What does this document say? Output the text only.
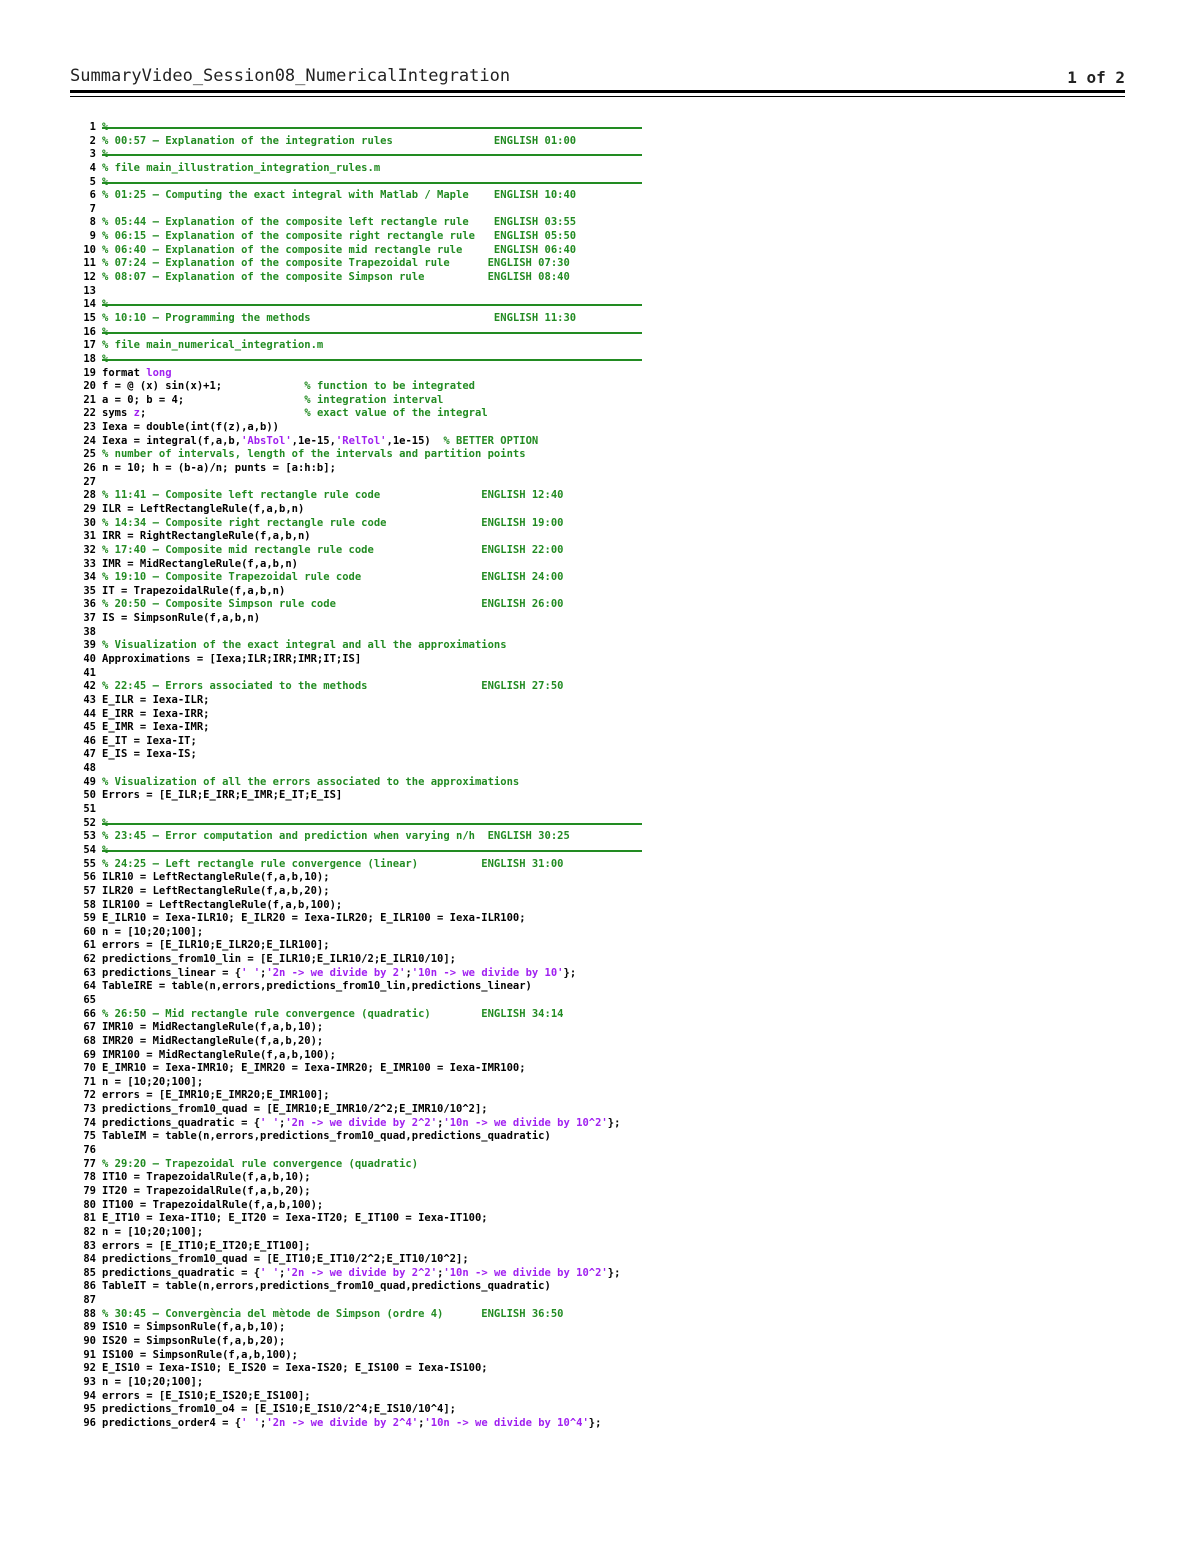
SummaryVideo_Session08_NumericalIntegration	1 of 2
1 %
2 % 00:57 — Explanation of the integration rules                ENGLISH 01:00
3 %
4 % file main_illustration_integration_rules.m
5 %
6 % 01:25 — Computing the exact integral with Matlab / Maple    ENGLISH 10:40
7
8 % 05:44 — Explanation of the composite left rectangle rule    ENGLISH 03:55
9 % 06:15 — Explanation of the composite right rectangle rule   ENGLISH 05:50
10 % 06:40 — Explanation of the composite mid rectangle rule     ENGLISH 06:40
11 % 07:24 — Explanation of the composite Trapezoidal rule      ENGLISH 07:30
12 % 08:07 — Explanation of the composite Simpson rule          ENGLISH 08:40
13
14 %
15 % 10:10 — Programming the methods                             ENGLISH 11:30
16 %
17 % file main_numerical_integration.m
18 %
19 format long
20 f = @ (x) sin(x)+1;             % function to be integrated
21 a = 0; b = 4;                   % integration interval
22 syms z;                         % exact value of the integral
23 Iexa = double(int(f(z),a,b))
24 Iexa = integral(f,a,b,'AbsTol',1e-15,'RelTol',1e-15)  % BETTER OPTION
25 % number of intervals, length of the intervals and partition points
26 n = 10; h = (b-a)/n; punts = [a:h:b];
27
28 % 11:41 — Composite left rectangle rule code                ENGLISH 12:40
29 ILR = LeftRectangleRule(f,a,b,n)
30 % 14:34 — Composite right rectangle rule code               ENGLISH 19:00
31 IRR = RightRectangleRule(f,a,b,n)
32 % 17:40 — Composite mid rectangle rule code                 ENGLISH 22:00
33 IMR = MidRectangleRule(f,a,b,n)
34 % 19:10 — Composite Trapezoidal rule code                   ENGLISH 24:00
35 IT = TrapezoidalRule(f,a,b,n)
36 % 20:50 — Composite Simpson rule code                       ENGLISH 26:00
37 IS = SimpsonRule(f,a,b,n)
38
39 % Visualization of the exact integral and all the approximations
40 Approximations = [Iexa;ILR;IRR;IMR;IT;IS]
41
42 % 22:45 — Errors associated to the methods                  ENGLISH 27:50
43 E_ILR = Iexa-ILR;
44 E_IRR = Iexa-IRR;
45 E_IMR = Iexa-IMR;
46 E_IT = Iexa-IT;
47 E_IS = Iexa-IS;
48
49 % Visualization of all the errors associated to the approximations
50 Errors = [E_ILR;E_IRR;E_IMR;E_IT;E_IS]
51
52 %
53 % 23:45 — Error computation and prediction when varying n/h  ENGLISH 30:25
54 %
55 % 24:25 — Left rectangle rule convergence (linear)          ENGLISH 31:00
56 ILR10 = LeftRectangleRule(f,a,b,10);
57 ILR20 = LeftRectangleRule(f,a,b,20);
58 ILR100 = LeftRectangleRule(f,a,b,100);
59 E_ILR10 = Iexa-ILR10; E_ILR20 = Iexa-ILR20; E_ILR100 = Iexa-ILR100;
60 n = [10;20;100];
61 errors = [E_ILR10;E_ILR20;E_ILR100];
62 predictions_from10_lin = [E_ILR10;E_ILR10/2;E_ILR10/10];
63 predictions_linear = {' ';'2n -> we divide by 2';'10n -> we divide by 10'};
64 TableIRE = table(n,errors,predictions_from10_lin,predictions_linear)
65
66 % 26:50 — Mid rectangle rule convergence (quadratic)        ENGLISH 34:14
67 IMR10 = MidRectangleRule(f,a,b,10);
68 IMR20 = MidRectangleRule(f,a,b,20);
69 IMR100 = MidRectangleRule(f,a,b,100);
70 E_IMR10 = Iexa-IMR10; E_IMR20 = Iexa-IMR20; E_IMR100 = Iexa-IMR100;
71 n = [10;20;100];
72 errors = [E_IMR10;E_IMR20;E_IMR100];
73 predictions_from10_quad = [E_IMR10;E_IMR10/2^2;E_IMR10/10^2];
74 predictions_quadratic = {' ';'2n -> we divide by 2^2';'10n -> we divide by 10^2'};
75 TableIM = table(n,errors,predictions_from10_quad,predictions_quadratic)
76
77 % 29:20 — Trapezoidal rule convergence (quadratic)
78 IT10 = TrapezoidalRule(f,a,b,10);
79 IT20 = TrapezoidalRule(f,a,b,20);
80 IT100 = TrapezoidalRule(f,a,b,100);
81 E_IT10 = Iexa-IT10; E_IT20 = Iexa-IT20; E_IT100 = Iexa-IT100;
82 n = [10;20;100];
83 errors = [E_IT10;E_IT20;E_IT100];
84 predictions_from10_quad = [E_IT10;E_IT10/2^2;E_IT10/10^2];
85 predictions_quadratic = {' ';'2n -> we divide by 2^2';'10n -> we divide by 10^2'};
86 TableIT = table(n,errors,predictions_from10_quad,predictions_quadratic)
87
88 % 30:45 — Convergència del mètode de Simpson (ordre 4)      ENGLISH 36:50
89 IS10 = SimpsonRule(f,a,b,10);
90 IS20 = SimpsonRule(f,a,b,20);
91 IS100 = SimpsonRule(f,a,b,100);
92 E_IS10 = Iexa-IS10; E_IS20 = Iexa-IS20; E_IS100 = Iexa-IS100;
93 n = [10;20;100];
94 errors = [E_IS10;E_IS20;E_IS100];
95 predictions_from10_o4 = [E_IS10;E_IS10/2^4;E_IS10/10^4];
96 predictions_order4 = {' ';'2n -> we divide by 2^4';'10n -> we divide by 10^4'};
